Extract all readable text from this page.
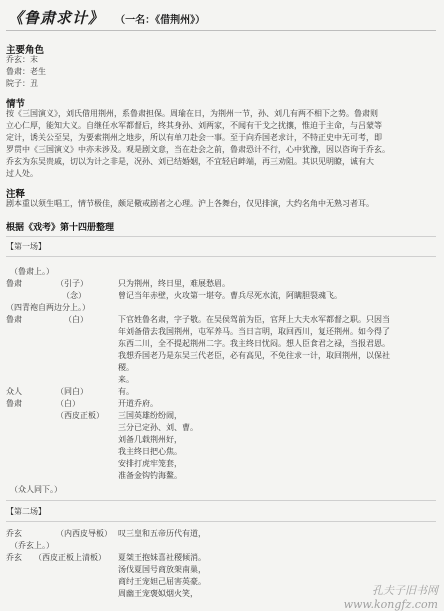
《鲁肃求计》 （一名：《借荆州》）
主要角色
乔玄：末
鲁肃：老生
院子：丑
情节
按《三国演义》，刘氏借用荆州，系鲁肃担保。周瑜在日，为荆州一节，孙、刘几有两不相下之势。鲁肃则
立心仁厚，能知大义。自继任水军都督后，终其身孙、刘两家，不闻有干戈之扰攘，惟迫于主命，与吕蒙等
定计，诱关公至吴，为要索荆州之地步，所以有单刀赴会一事。至于向乔国老求计，不特正史中无可考，即
罗贯中《三国演义》中亦未涉及。观是剧文意，当在赴会之前，鲁肃恐计不行，心中犹豫，因以咨询于乔玄。
乔玄为东吴贵戚，切以为计之非是，况孙、刘已结婚姻，不宜轻启衅端，再三劝阻。其识见明瞭，诚有大
过人处。
注释
剧本重以须生唱工，情节极佳，颇足儆戒剧者之心理。沪上各舞台，仅见排演，大约名角中无熟习者耳。
根据《戏考》第十四册整理
【第一场】
（鲁肃上。）
鲁肃	（引子）	只为荆州，终日里，难展愁眉。
（念）	曾记当年赤壁，火攻第一堪夸。曹兵尽死水流，阿瞒胆裂魂飞。
（四青袍自两边分上。）
鲁肃	（白）	下官姓鲁名肃，字子敬。在吴侯驾前为臣，官拜上大夫水军都督之职。只因当
年刘备借去我国荆州，屯军养马。当日言明，取回西川，复还荆州。如今得了
东西二川，全不提起荆州二字。我主终日忧闷。想人臣食君之禄，当报君恩。
我想乔国老乃是东吴三代老臣，必有高见，不免往求一计，取回荆州，以保社
稷。
来。
众人	（同白）	有。
鲁肃	（白）	开道乔府。
（西皮正板） 三国英雄纷纷闹，
三分已定孙、刘、曹。
刘备几载荆州好，
我主终日把心焦。
安排打虎牢笼套，
准备金钩钓海鳌。
（众人同下。）
【第二场】
乔玄	（内西皮导板） 叹三皇和五帝历代有道，
（乔玄上。）
乔玄 （西皮正板上清板） 夏桀王抱妹喜社稷倾消。
汤伐夏国号商放架南巢，
商纣王宠妲己屈害英豪。
周幽王宠褒姒烟火笑，	孔夫子旧书网 www.kongfz.com
